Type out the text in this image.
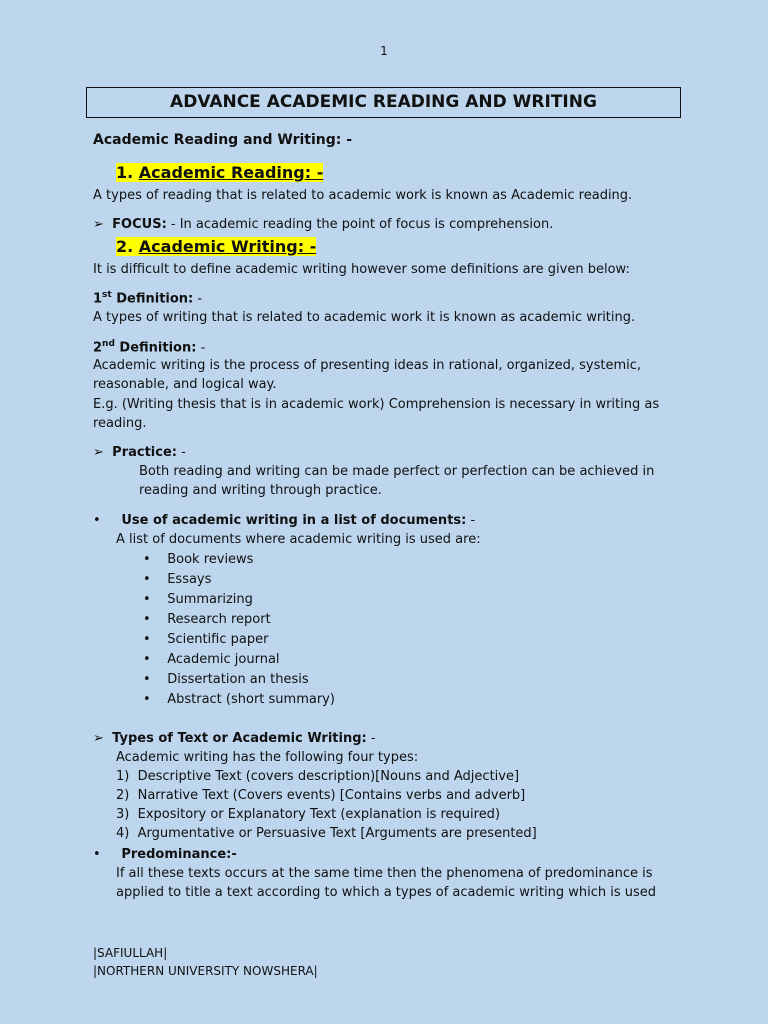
1
ADVANCE ACADEMIC READING AND WRITING
Academic Reading and Writing: -
1. Academic Reading: -
A types of reading that is related to academic work is known as Academic reading.
➢ FOCUS: - In academic reading the point of focus is comprehension.
2. Academic Writing: -
It is difficult to define academic writing however some definitions are given below:
1st Definition: -
A types of writing that is related to academic work it is known as academic writing.
2nd Definition: -
Academic writing is the process of presenting ideas in rational, organized, systemic,
reasonable, and logical way.
E.g. (Writing thesis that is in academic work) Comprehension is necessary in writing as
reading.
➢ Practice: -
Both reading and writing can be made perfect or perfection can be achieved in
reading and writing through practice.
• Use of academic writing in a list of documents: -
A list of documents where academic writing is used are:
• Book reviews
• Essays
• Summarizing
• Research report
• Scientific paper
• Academic journal
• Dissertation an thesis
• Abstract (short summary)
➢ Types of Text or Academic Writing: -
Academic writing has the following four types:
1) Descriptive Text (covers description)[Nouns and Adjective]
2) Narrative Text (Covers events) [Contains verbs and adverb]
3) Expository or Explanatory Text (explanation is required)
4) Argumentative or Persuasive Text [Arguments are presented]
• Predominance:-
If all these texts occurs at the same time then the phenomena of predominance is
applied to title a text according to which a types of academic writing which is used
|SAFIULLAH|
|NORTHERN UNIVERSITY NOWSHERA|
